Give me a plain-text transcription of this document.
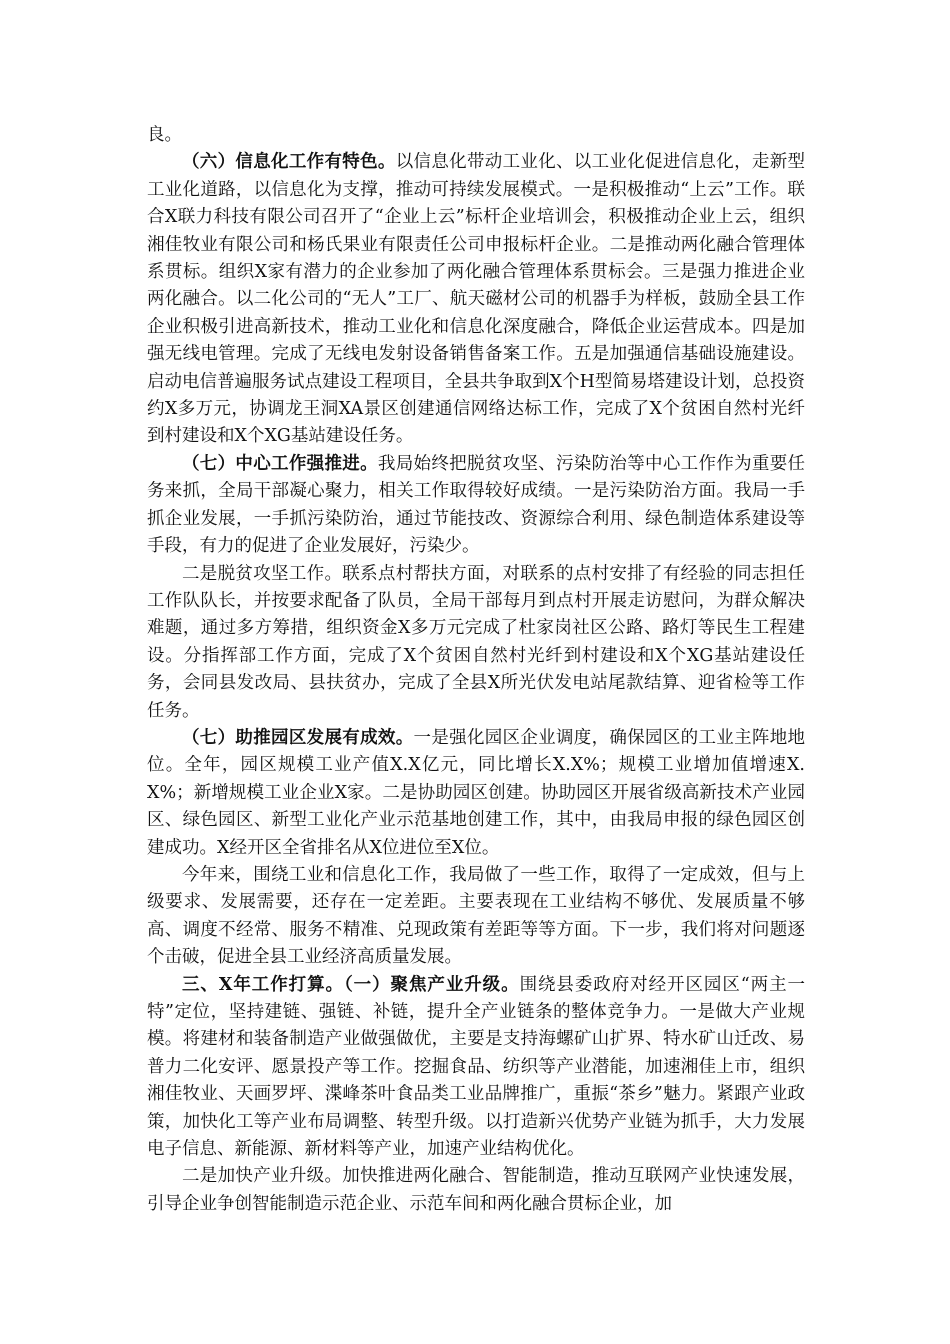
良。

（六）信息化工作有特色。以信息化带动工业化、以工业化促进信息化，走新型工业化道路，以信息化为支撑，推动可持续发展模式。一是积极推动“上云”工作。联合X联力科技有限公司召开了“企业上云”标杆企业培训会，积极推动企业上云，组织湘佳牧业有限公司和杨氏果业有限责任公司申报标杆企业。二是推动两化融合管理体系贯标。组织X家有潜力的企业参加了两化融合管理体系贯标会。三是强力推进企业两化融合。以二化公司的“无人”工厂、航天磁材公司的机器手为样板，鼓励全县工作企业积极引进高新技术，推动工业化和信息化深度融合，降低企业运营成本。四是加强无线电管理。完成了无线电发射设备销售备案工作。五是加强通信基础设施建设。启动电信普遍服务试点建设工程项目，全县共争取到X个H型简易塔建设计划，总投资约X多万元，协调龙王洞XA景区创建通信网络达标工作，完成了X个贫困自然村光纤到村建设和X个XG基站建设任务。

（七）中心工作强推进。我局始终把脱贫攻坚、污染防治等中心工作作为重要任务来抓，全局干部凝心聚力，相关工作取得较好成绩。一是污染防治方面。我局一手抓企业发展，一手抓污染防治，通过节能技改、资源综合利用、绿色制造体系建设等手段，有力的促进了企业发展好，污染少。

二是脱贫攻坚工作。联系点村帮扶方面，对联系的点村安排了有经验的同志担任工作队队长，并按要求配备了队员，全局干部每月到点村开展走访慰问，为群众解决难题，通过多方筹措，组织资金X多万元完成了杜家岗社区公路、路灯等民生工程建设。分指挥部工作方面，完成了X个贫困自然村光纤到村建设和X个XG基站建设任务，会同县发改局、县扶贫办，完成了全县X所光伏发电站尾款结算、迎省检等工作任务。

（七）助推园区发展有成效。一是强化园区企业调度，确保园区的工业主阵地地位。全年，园区规模工业产值X.X亿元，同比增长X.X%；规模工业增加值增速X.X%；新增规模工业企业X家。二是协助园区创建。协助园区开展省级高新技术产业园区、绿色园区、新型工业化产业示范基地创建工作，其中，由我局申报的绿色园区创建成功。X经开区全省排名从X位进位至X位。

今年来，围绕工业和信息化工作，我局做了一些工作，取得了一定成效，但与上级要求、发展需要，还存在一定差距。主要表现在工业结构不够优、发展质量不够高、调度不经常、服务不精准、兑现政策有差距等等方面。下一步，我们将对问题逐个击破，促进全县工业经济高质量发展。

三、X年工作打算。（一）聚焦产业升级。围绕县委政府对经开区园区“两主一特”定位，坚持建链、强链、补链，提升全产业链条的整体竞争力。一是做大产业规模。将建材和装备制造产业做强做优，主要是支持海螺矿山扩界、特水矿山迁改、易普力二化安评、愿景投产等工作。挖掘食品、纺织等产业潜能，加速湘佳上市，组织湘佳牧业、天画罗坪、渫峰茶叶食品类工业品牌推广，重振“茶乡”魅力。紧跟产业政策，加快化工等产业布局调整、转型升级。以打造新兴优势产业链为抓手，大力发展电子信息、新能源、新材料等产业，加速产业结构优化。

二是加快产业升级。加快推进两化融合、智能制造，推动互联网产业快速发展，引导企业争创智能制造示范企业、示范车间和两化融合贯标企业，加
